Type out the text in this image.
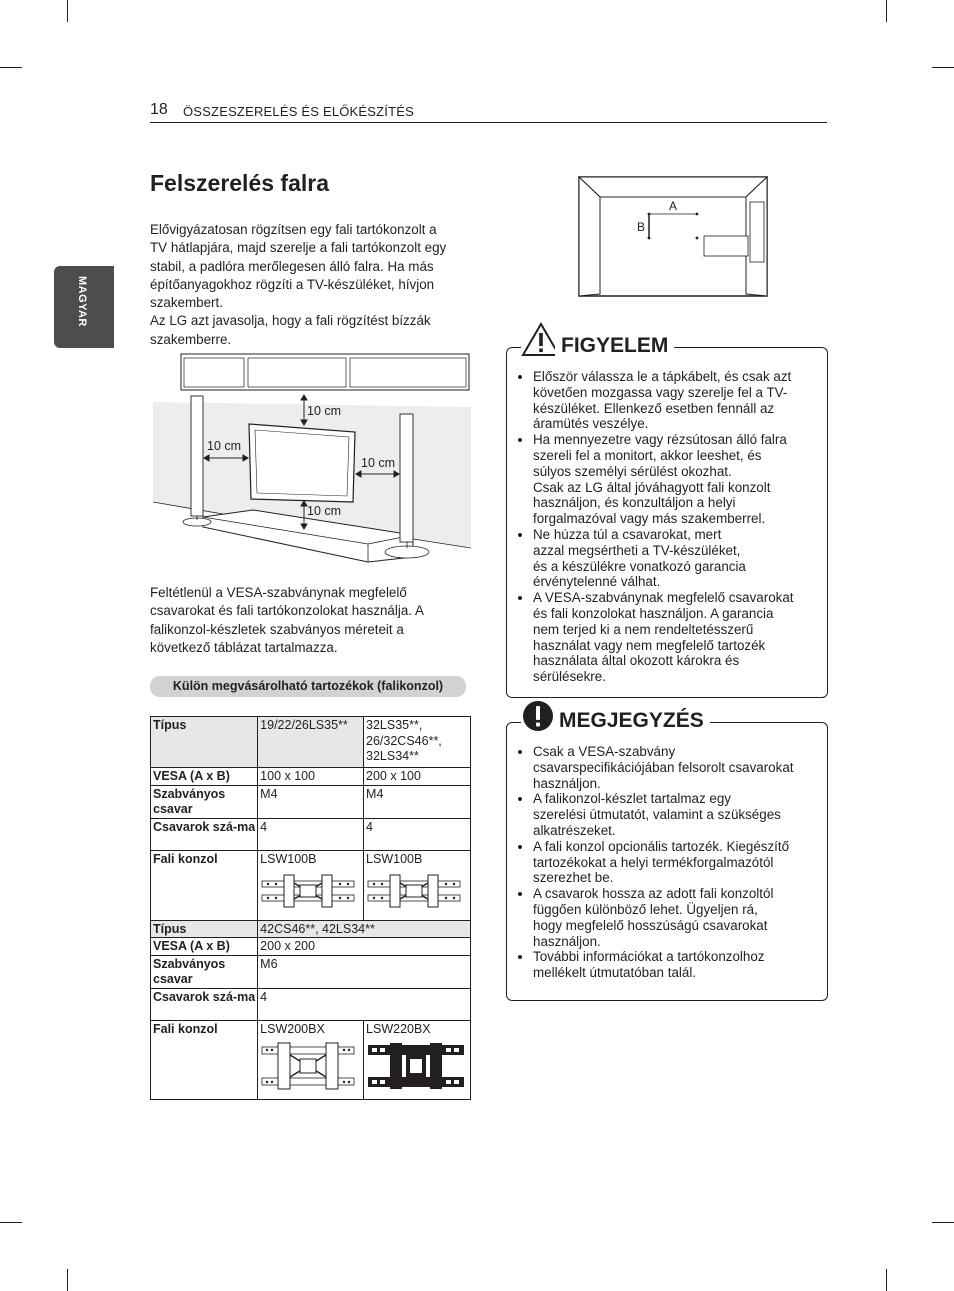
18 ÖSSZESZERELÉS ÉS ELŐKÉSZÍTÉS
MAGYAR
Felszerelés falra
Elővigyázatosan rögzítsen egy fali tartókonzolt a
TV hátlapjára, majd szerelje a fali tartókonzolt egy
stabil, a padlóra merőlegesen álló falra. Ha más
építőanyagokhoz rögzíti a TV-készüléket, hívjon
szakembert.
Az LG azt javasolja, hogy a fali rögzítést bízzák
szakemberre.
10 cm
10 cm
10 cm
10 cm
Feltétlenül a VESA-szabványnak megfelelő
csavarokat és fali tartókonzolokat használja. A
falikonzol-készletek szabványos méreteit a
következő táblázat tartalmazza.
Külön megvásárolható tartozékok (falikonzol)
Típus	19/22/26LS35**	32LS35**,
26/32CS46**,
32LS34**
VESA (A x B)	100 x 100	200 x 100
Szabványos csavar	M4	M4
Csavarok szá-ma	4	4
Fali konzol	LSW100B	LSW100B

Típus	42CS46**, 42LS34**	
VESA (A x B)	200 x 200	
Szabványos csavar	M6	
Csavarok szá-ma	4	
Fali konzol	LSW200BX	LSW220BX
A
B
FIGYELEM
• Először válassza le a tápkábelt, és csak azt
követően mozgassa vagy szerelje fel a TV-
készüléket. Ellenkező esetben fennáll az
áramütés veszélye.
• Ha mennyezetre vagy rézsútosan álló falra
szereli fel a monitort, akkor leeshet, és
súlyos személyi sérülést okozhat.
Csak az LG által jóváhagyott fali konzolt
használjon, és konzultáljon a helyi
forgalmazóval vagy más szakemberrel.
• Ne húzza túl a csavarokat, mert
azzal megsértheti a TV-készüléket,
és a készülékre vonatkozó garancia
érvénytelenné válhat.
• A VESA-szabványnak megfelelő csavarokat
és fali konzolokat használjon. A garancia
nem terjed ki a nem rendeltetésszerű
használat vagy nem megfelelő tartozék
használata által okozott károkra és
sérülésekre.
MEGJEGYZÉS
• Csak a VESA-szabvány
csavarspecifikációjában felsorolt csavarokat
használjon.
• A falikonzol-készlet tartalmaz egy
szerelési útmutatót, valamint a szükséges
alkatrészeket.
• A fali konzol opcionális tartozék. Kiegészítő
tartozékokat a helyi termékforgalmazótól
szerezhet be.
• A csavarok hossza az adott fali konzoltól
függően különböző lehet. Ügyeljen rá,
hogy megfelelő hosszúságú csavarokat
használjon.
• További információkat a tartókonzolhoz
mellékelt útmutatóban talál.
